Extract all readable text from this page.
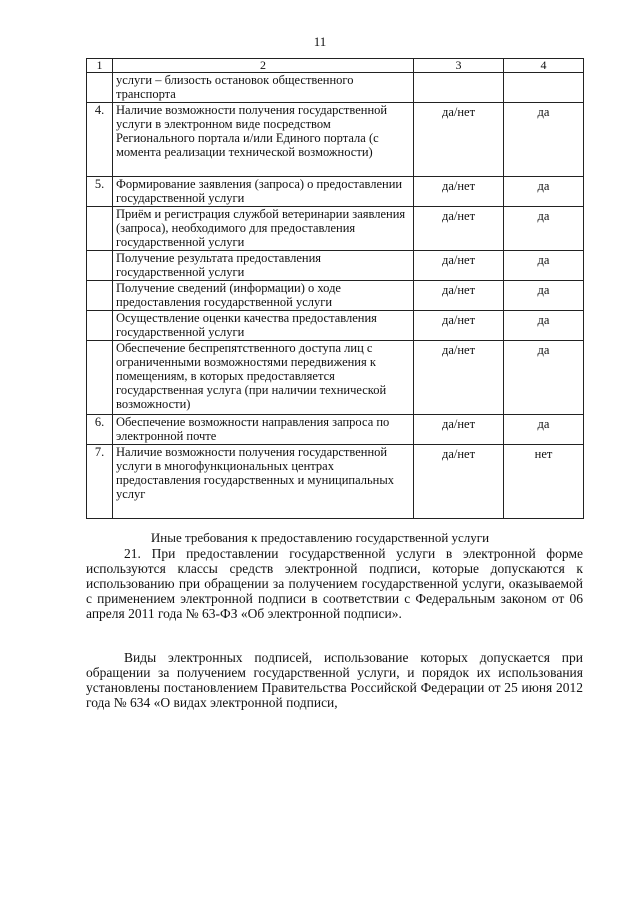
11
1	2	3	4
	услуги – близость остановок общественного транспорта		
4.	Наличие возможности получения государственной услуги в электронном виде посредством Регионального портала и/или Единого портала (с момента реализации технической возможности)	да/нет	да
5.	Формирование заявления (запроса) о предоставлении государственной услуги	да/нет	да
	Приём и регистрация службой ветеринарии заявления (запроса), необходимого для предоставления государственной услуги	да/нет	да
	Получение результата предоставления государственной услуги	да/нет	да
	Получение сведений (информации) о ходе предоставления государственной услуги	да/нет	да
	Осуществление оценки качества предоставления государственной услуги	да/нет	да
	Обеспечение беспрепятственного доступа лиц с ограниченными возможностями передвижения к помещениям, в которых предоставляется государственная услуга (при наличии технической возможности)	да/нет	да
6.	Обеспечение возможности направления запроса по электронной почте	да/нет	да
7.	Наличие возможности получения государственной услуги в многофункциональных центрах предоставления государственных и муниципальных услуг	да/нет	нет
Иные требования к предоставлению государственной услуги

21. При предоставлении государственной услуги в электронной форме используются классы средств электронной подписи, которые допускаются к использованию при обращении за получением государственной услуги, оказываемой с применением электронной подписи в соответствии с Федеральным законом от 06 апреля 2011 года № 63-ФЗ «Об электронной подписи».

Виды электронных подписей, использование которых допускается при обращении за получением государственной услуги, и порядок их использования установлены постановлением Правительства Российской Федерации от 25 июня 2012 года № 634 «О видах электронной подписи,
